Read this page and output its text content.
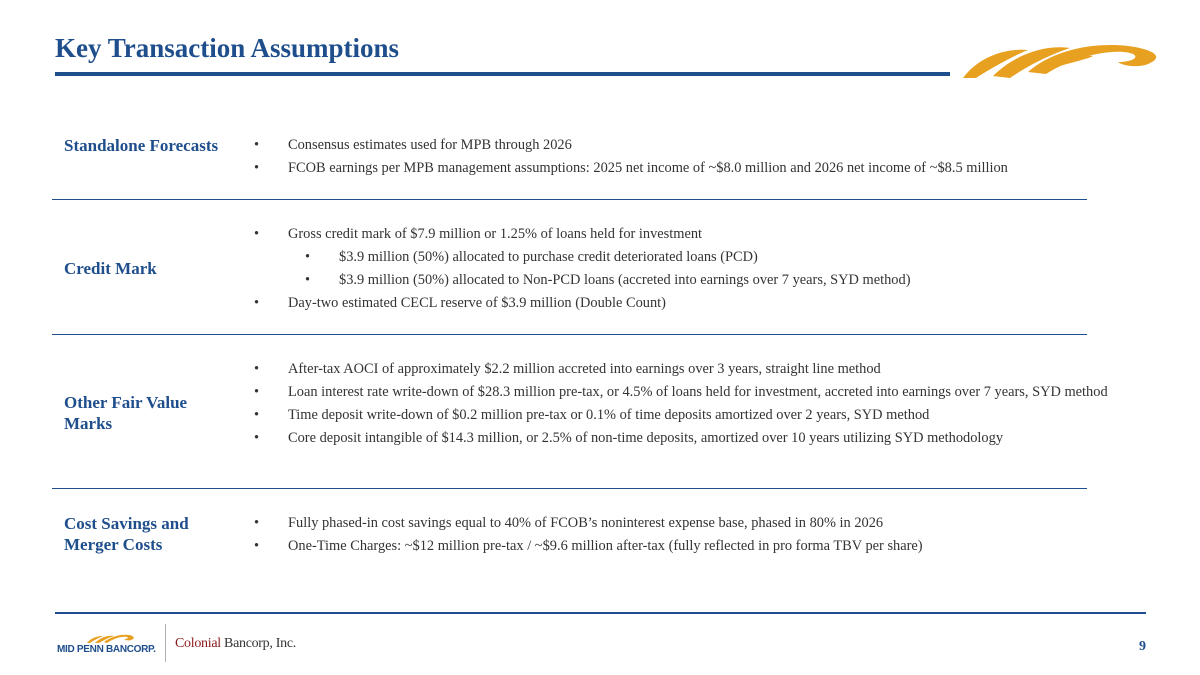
Key Transaction Assumptions
Standalone Forecasts
•	Consensus estimates used for MPB through 2026
• FCOB earnings per MPB management assumptions: 2025 net income of ~$8.0 million and 2026 net income of ~$8.5 million
Credit Mark
• Gross credit mark of $7.9 million or 1.25% of loans held for investment
• $3.9 million (50%) allocated to purchase credit deteriorated loans (PCD)
• $3.9 million (50%) allocated to Non-PCD loans (accreted into earnings over 7 years, SYD method)
• Day-two estimated CECL reserve of $3.9 million (Double Count)
Other Fair Value Marks
• After-tax AOCI of approximately $2.2 million accreted into earnings over 3 years, straight line method
• Loan interest rate write-down of $28.3 million pre-tax, or 4.5% of loans held for investment, accreted into earnings over 7 years, SYD method
• Time deposit write-down of $0.2 million pre-tax or 0.1% of time deposits amortized over 2 years, SYD method
• Core deposit intangible of $14.3 million, or 2.5% of non-time deposits, amortized over 10 years utilizing SYD methodology
Cost Savings and Merger Costs
• Fully phased-in cost savings equal to 40% of FCOB’s noninterest expense base, phased in 80% in 2026
• One-Time Charges: ~$12 million pre-tax / ~$9.6 million after-tax (fully reflected in pro forma TBV per share)
MID PENN BANCORP. Colonial Bancorp, Inc.	9
